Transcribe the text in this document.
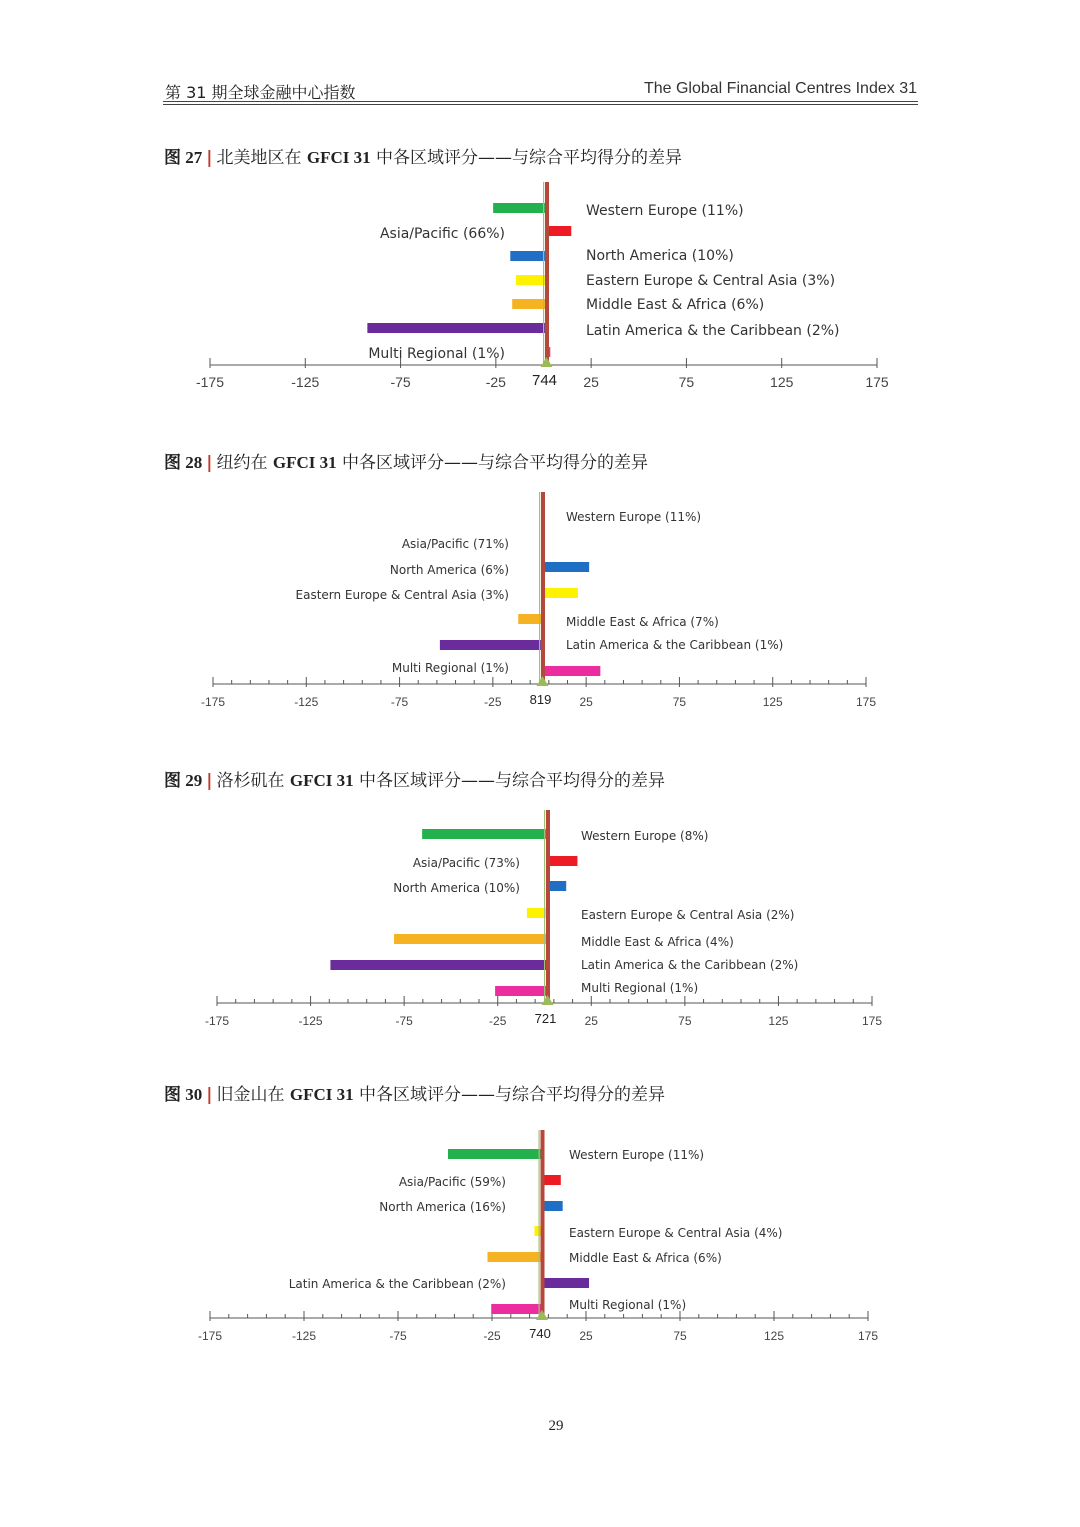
第 31 期全球金融中心指数	The Global Financial Centres Index 31
图 27 | 北美地区在 GFCI 31 中各区域评分——与综合平均得分的差异
图 28 | 纽约在 GFCI 31 中各区域评分——与综合平均得分的差异
图 29 | 洛杉矶在 GFCI 31 中各区域评分——与综合平均得分的差异
图 30 | 旧金山在 GFCI 31 中各区域评分——与综合平均得分的差异
-175	-125	-75	-25	25	75	125	175
744
Western Europe (11%)
Asia/Pacific (66%)
North America (10%)
Eastern Europe & Central Asia (3%)
Middle East & Africa (6%)
Latin America & the Caribbean (2%)
Multi Regional (1%)
-175	-125	-75	-25	25	75	125	175
819
Western Europe (11%)
Asia/Pacific (71%)
North America (6%)
Eastern Europe & Central Asia (3%)
Middle East & Africa (7%)
Latin America & the Caribbean (1%)
Multi Regional (1%)
-175	-125	-75	-25	25	75	125	175
721
Western Europe (8%)
Asia/Pacific (73%)
North America (10%)
Eastern Europe & Central Asia (2%)
Middle East & Africa (4%)
Latin America & the Caribbean (2%)
Multi Regional (1%)
-175	-125	-75	-25	25	75	125	175
740
Western Europe (11%)
Asia/Pacific (59%)
North America (16%)
Eastern Europe & Central Asia (4%)
Middle East & Africa (6%)
Latin America & the Caribbean (2%)
Multi Regional (1%)
29
